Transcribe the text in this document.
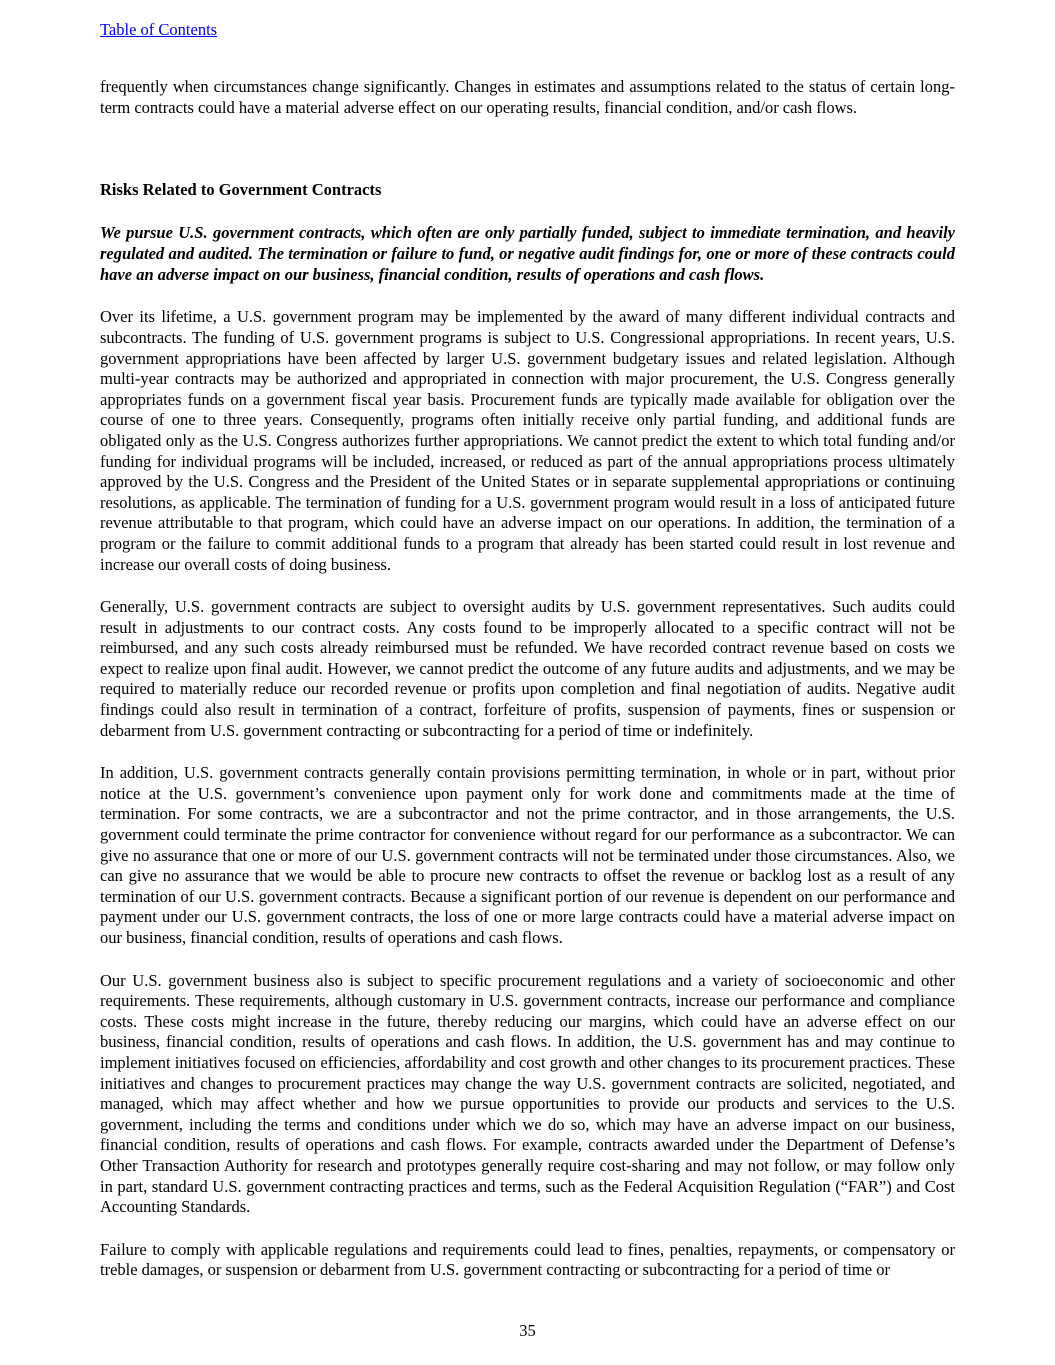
Table of Contents

frequently when circumstances change significantly. Changes in estimates and assumptions related to the status of certain long-term contracts could have a material adverse effect on our operating results, financial condition, and/or cash flows.

Risks Related to Government Contracts

We pursue U.S. government contracts, which often are only partially funded, subject to immediate termination, and heavily regulated and audited. The termination or failure to fund, or negative audit findings for, one or more of these contracts could have an adverse impact on our business, financial condition, results of operations and cash flows.

Over its lifetime, a U.S. government program may be implemented by the award of many different individual contracts and subcontracts. The funding of U.S. government programs is subject to U.S. Congressional appropriations. In recent years, U.S. government appropriations have been affected by larger U.S. government budgetary issues and related legislation. Although multi-year contracts may be authorized and appropriated in connection with major procurement, the U.S. Congress generally appropriates funds on a government fiscal year basis. Procurement funds are typically made available for obligation over the course of one to three years. Consequently, programs often initially receive only partial funding, and additional funds are obligated only as the U.S. Congress authorizes further appropriations. We cannot predict the extent to which total funding and/or funding for individual programs will be included, increased, or reduced as part of the annual appropriations process ultimately approved by the U.S. Congress and the President of the United States or in separate supplemental appropriations or continuing resolutions, as applicable. The termination of funding for a U.S. government program would result in a loss of anticipated future revenue attributable to that program, which could have an adverse impact on our operations. In addition, the termination of a program or the failure to commit additional funds to a program that already has been started could result in lost revenue and increase our overall costs of doing business.

Generally, U.S. government contracts are subject to oversight audits by U.S. government representatives. Such audits could result in adjustments to our contract costs. Any costs found to be improperly allocated to a specific contract will not be reimbursed, and any such costs already reimbursed must be refunded. We have recorded contract revenue based on costs we expect to realize upon final audit. However, we cannot predict the outcome of any future audits and adjustments, and we may be required to materially reduce our recorded revenue or profits upon completion and final negotiation of audits. Negative audit findings could also result in termination of a contract, forfeiture of profits, suspension of payments, fines or suspension or debarment from U.S. government contracting or subcontracting for a period of time or indefinitely.

In addition, U.S. government contracts generally contain provisions permitting termination, in whole or in part, without prior notice at the U.S. government’s convenience upon payment only for work done and commitments made at the time of termination. For some contracts, we are a subcontractor and not the prime contractor, and in those arrangements, the U.S. government could terminate the prime contractor for convenience without regard for our performance as a subcontractor. We can give no assurance that one or more of our U.S. government contracts will not be terminated under those circumstances. Also, we can give no assurance that we would be able to procure new contracts to offset the revenue or backlog lost as a result of any termination of our U.S. government contracts. Because a significant portion of our revenue is dependent on our performance and payment under our U.S. government contracts, the loss of one or more large contracts could have a material adverse impact on our business, financial condition, results of operations and cash flows.

Our U.S. government business also is subject to specific procurement regulations and a variety of socioeconomic and other requirements. These requirements, although customary in U.S. government contracts, increase our performance and compliance costs. These costs might increase in the future, thereby reducing our margins, which could have an adverse effect on our business, financial condition, results of operations and cash flows. In addition, the U.S. government has and may continue to implement initiatives focused on efficiencies, affordability and cost growth and other changes to its procurement practices. These initiatives and changes to procurement practices may change the way U.S. government contracts are solicited, negotiated, and managed, which may affect whether and how we pursue opportunities to provide our products and services to the U.S. government, including the terms and conditions under which we do so, which may have an adverse impact on our business, financial condition, results of operations and cash flows. For example, contracts awarded under the Department of Defense’s Other Transaction Authority for research and prototypes generally require cost-sharing and may not follow, or may follow only in part, standard U.S. government contracting practices and terms, such as the Federal Acquisition Regulation (“FAR”) and Cost Accounting Standards.

Failure to comply with applicable regulations and requirements could lead to fines, penalties, repayments, or compensatory or treble damages, or suspension or debarment from U.S. government contracting or subcontracting for a period of time or

35
